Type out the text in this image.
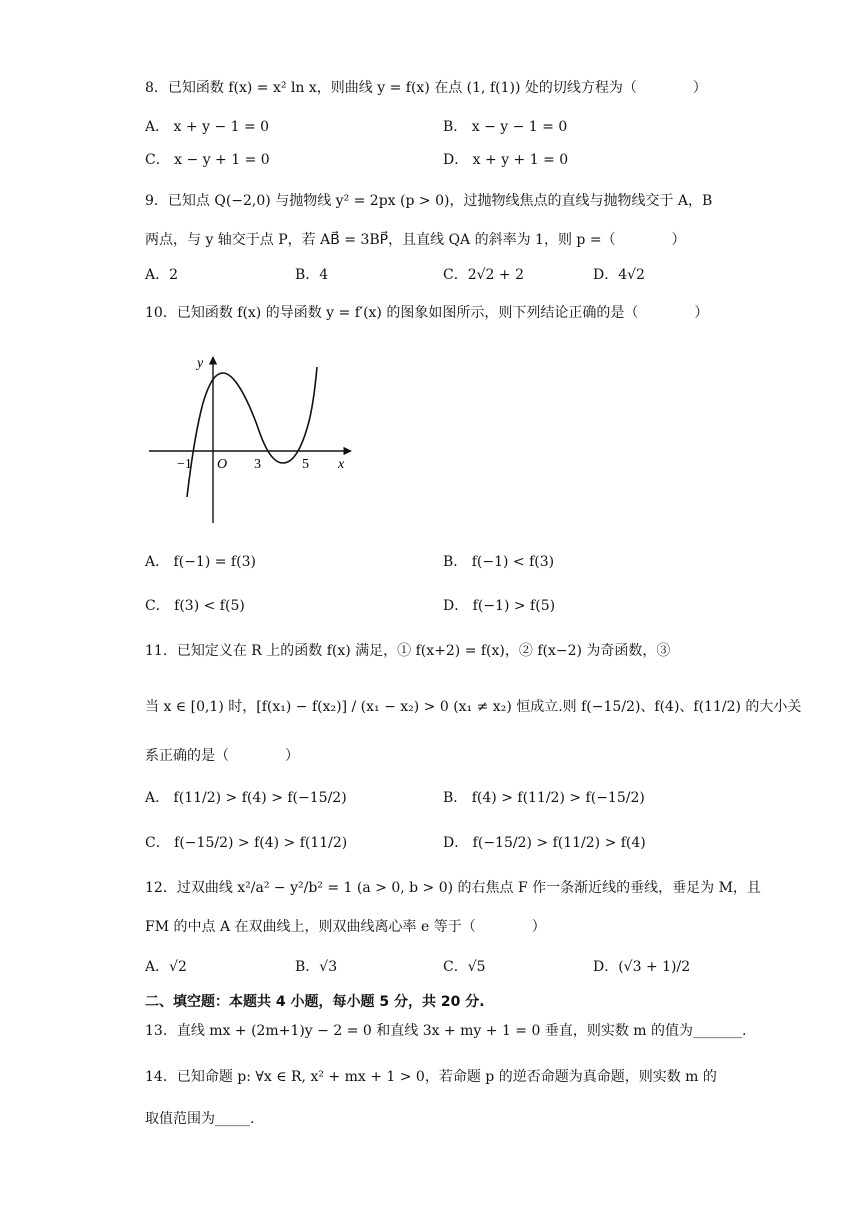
8．已知函数 f(x) = x² ln x，则曲线 y = f(x) 在点 (1, f(1)) 处的切线方程为（　　　　）
A． x + y − 1 = 0	B． x − y − 1 = 0
C． x − y + 1 = 0	D． x + y + 1 = 0
9．已知点 Q(−2,0) 与抛物线 y² = 2px (p > 0)，过抛物线焦点的直线与抛物线交于 A，B
两点，与 y 轴交于点 P，若 AB⃗ = 3BP⃗，且直线 QA 的斜率为 1，则 p =（　　　　）
A．2	B．4	C．2√2 + 2	D．4√2
10．已知函数 f(x) 的导函数 y = f′(x) 的图象如图所示，则下列结论正确的是（　　　　）
y
x
O
−1	3	5
A． f(−1) = f(3)	B． f(−1) < f(3)
C． f(3) < f(5)	D． f(−1) > f(5)
11．已知定义在 R 上的函数 f(x) 满足，① f(x+2) = f(x)，② f(x−2) 为奇函数，③
当 x ∈ [0,1) 时，[f(x₁) − f(x₂)] / (x₁ − x₂) > 0 (x₁ ≠ x₂) 恒成立.则 f(−15/2)、f(4)、f(11/2) 的大小关
系正确的是（　　　　）
A． f(11/2) > f(4) > f(−15/2)	B． f(4) > f(11/2) > f(−15/2)
C． f(−15/2) > f(4) > f(11/2)	D． f(−15/2) > f(11/2) > f(4)
12．过双曲线 x²/a² − y²/b² = 1 (a > 0, b > 0) 的右焦点 F 作一条渐近线的垂线，垂足为 M，且
FM 的中点 A 在双曲线上，则双曲线离心率 e 等于（　　　　）
A．√2	B．√3	C．√5	D．(√3 + 1)/2
二、填空题：本题共 4 小题，每小题 5 分，共 20 分.
13．直线 mx + (2m+1)y − 2 = 0 和直线 3x + my + 1 = 0 垂直，则实数 m 的值为_______.
14．已知命题 p: ∀x ∈ R, x² + mx + 1 > 0，若命题 p 的逆否命题为真命题，则实数 m 的
取值范围为_____.
